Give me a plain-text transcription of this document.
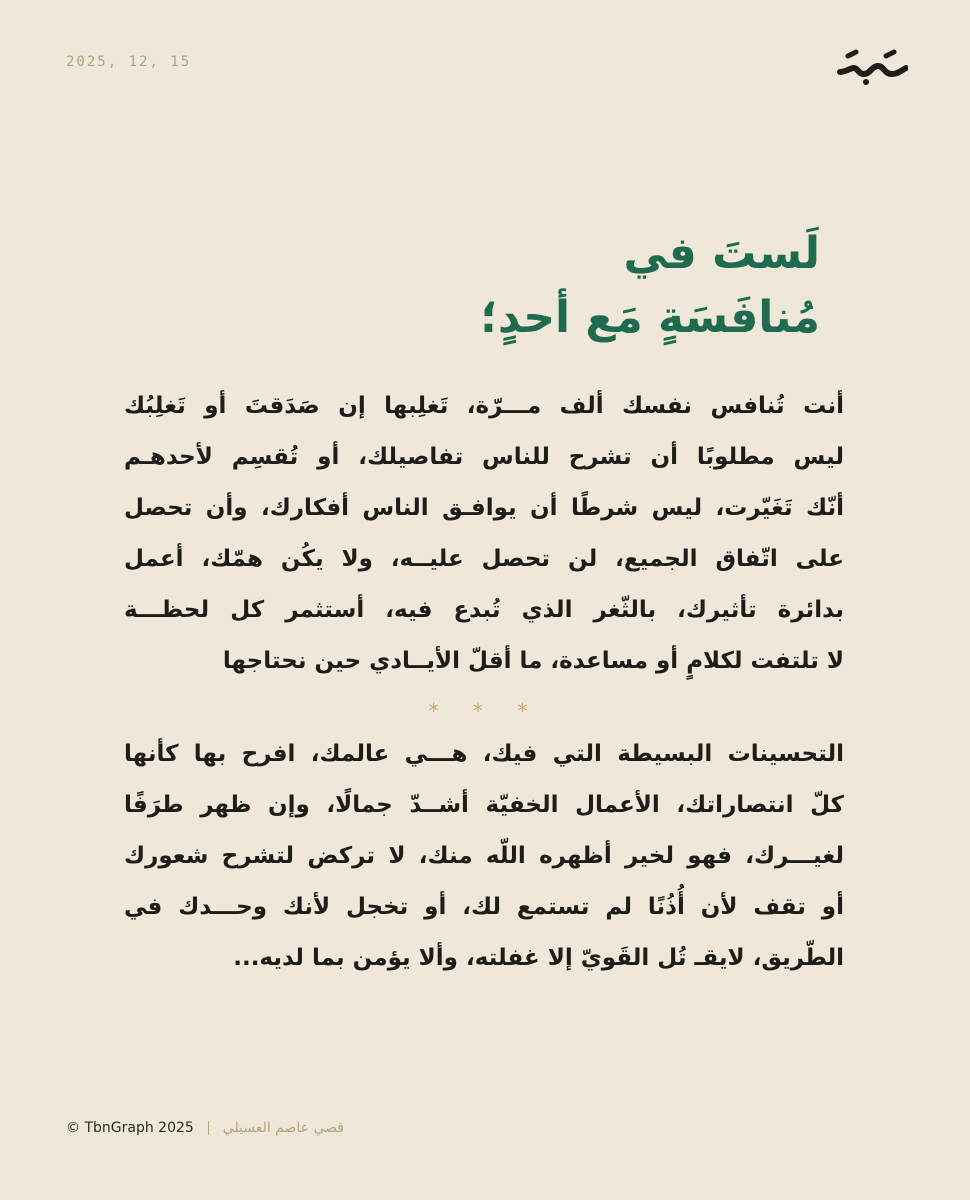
2025, 12, 15
لَستَ في
مُنافَسَةٍ مَع أحدٍ؛
أنت تُنافس نفسك ألف مـــرّة، تَغلِبها إن صَدَقتَ أو تَغلِبُك
ليس مطلوبًا أن تشرح للناس تفاصيلك، أو تُقسِم لأحدهـم
أنّك تَغَيّرت، ليس شرطًا أن يوافـق الناس أفكارك، وأن تحصل
على اتّفاق الجميع، لن تحصل عليــه، ولا يكُن همّك، أعمل
بدائرة تأثيرك، بالثّغر الذي تُبدع فيه، أستثمر كل لحظـــة
لا تلتفت لكلامٍ أو مساعدة، ما أقلّ الأيــادي حين نحتاجها
* * *
التحسينات البسيطة التي فيك، هـــي عالمك، افرح بها كأنها
كلّ انتصاراتك، الأعمال الخفيّة أشــدّ جمالًا، وإن ظهر طرَفًا
لغيـــرك، فهو لخير أظهره اللّه منك، لا تركض لتشرح شعورك
أو تقف لأن أُذُنًا لم تستمع لك، أو تخجل لأنك وحـــدك في
الطّريق، لايقـ تُل القَويّ إلا غفلته، وألا يؤمن بما لديه...
© TbnGraph 2025 قصي عاصم العسيلي
